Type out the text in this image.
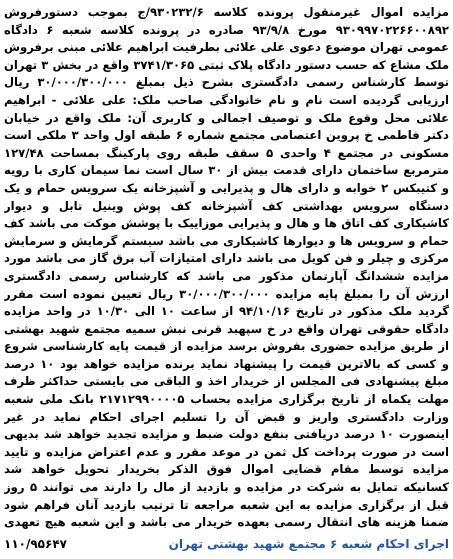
مزایده اموال غیرمنقول پرونده کلاسه ۹۳۰۲۳۲/۶/ج بموجب دستورفروش ۹۳۰۹۹۷۰۲۲۶۶۰۰۸۹۲ مورخ ۹۳/۹/۸ صادره در پرونده کلاسه شعبه ۶ دادگاه عمومی تهران موضوع دعوی علی علائی بطرفیت ابراهیم علائی مبنی برفروش ملک مشاع که حسب دستور دادگاه پلاک ثبتی ۳۷۴۱/۳۰۶۵ واقع در بخش ۳ تهران توسط کارشناس رسمی دادگستری بشرح ذیل بمبلغ ۳۰/۰۰۰/۳۰۰/۰۰۰ ریال ارزیابی گردیده است نام و نام خانوادگی صاحب ملک: علی علائی - ابراهیم علائی محل وقوع ملک و توصیف اجمالی و کاربری آن: ملک واقع در خیابان دکتر فاطمی خ پروین اعتصامی مجتمع شماره ۶ طبقه اول واحد ۳ ملکی است مسکونی در مجتمع ۴ واحدی ۵ سقف طبقه روی پارکینگ بمساحت ۱۲۷/۴۸ مترمربع ساختمان دارای قدمت بیش از ۳۰ سال است نما سیمان کاری با رویه و کتیبکس ۲ خوابه و دارای هال و پذیرایی و آشپزخانه یک سرویس حمام و یک دستگاه سرویس بهداشتی کف آشپزخانه کف پوش وینیل تابل و دیوار کاشیکاری کف اتاق ها و هال و پذیرایی موزاییک با پوشش موکت می باشد کف حمام و سرویس ها و دیوارها کاشیکاری می باشد سیستم گرمایش و سرمایش مرکزی و چیلر و فن کویل می باشد دارای امتیازات آب برق گاز می باشد مورد مزایده ششدانگ آپارتمان مذکور می باشد که کارشناس رسمی دادگستری ارزش آن را بمبلغ پایه مزایده ۳۰/۰۰۰/۳۰۰/۰۰۰ ریال تعیین نموده است مقرر گردید ملک مذکور در تاریخ ۹۴/۱۰/۱۶ از ساعت ۱۰ الی ۱۰/۳۰ در واحد مزایده دادگاه حقوقی تهران واقع در خ سپهبد قرنی نبش سمیه مجتمع شهید بهشتی از طریق مزایده حضوری بفروش برسد مزایده از قیمت پایه کارشناسی شروع و کسی که بالاترین قیمت را پیشنهاد نماید برنده مزایده خواهد بود ۱۰ درصد مبلغ پیشنهادی فی المجلس از خریدار اخذ و الباقی می بایستی حداکثر ظرف مهلت یکماه از تاریخ برگزاری مزایده بحساب ۲۱۷۱۲۹۹۰۰۰۰۵ بانک ملی شعبه وزارت دادگستری واریز و قبض آن را تسلیم اجرای احکام نماید در غیر اینصورت ۱۰ درصد دریافتی بنفع دولت ضبط و مزایده تجدید خواهد شد بدیهی است در صورت پرداخت کل ثمن در موعد مقرر و عدم اعتراض مزایده و تایید مزایده توسط مقام قضایی اموال فوق الذکر بخریدار تحویل خواهد شد کسانیکه تمایل به شرکت در مزایده و بازدید از مال را دارند می توانند ۵ روز قبل از برگزاری مزایده به این شعبه مراجعه تا ترتیب بازدید آنان فراهم شود ضمنا هزینه های انتقال رسمی بعهده خریدار می باشد و این شعبه هیچ تعهدی

اجرای احکام شعبه ۶ مجتمع شهید بهشتی تهران
۱۱۰/۹۵۶۴۷
